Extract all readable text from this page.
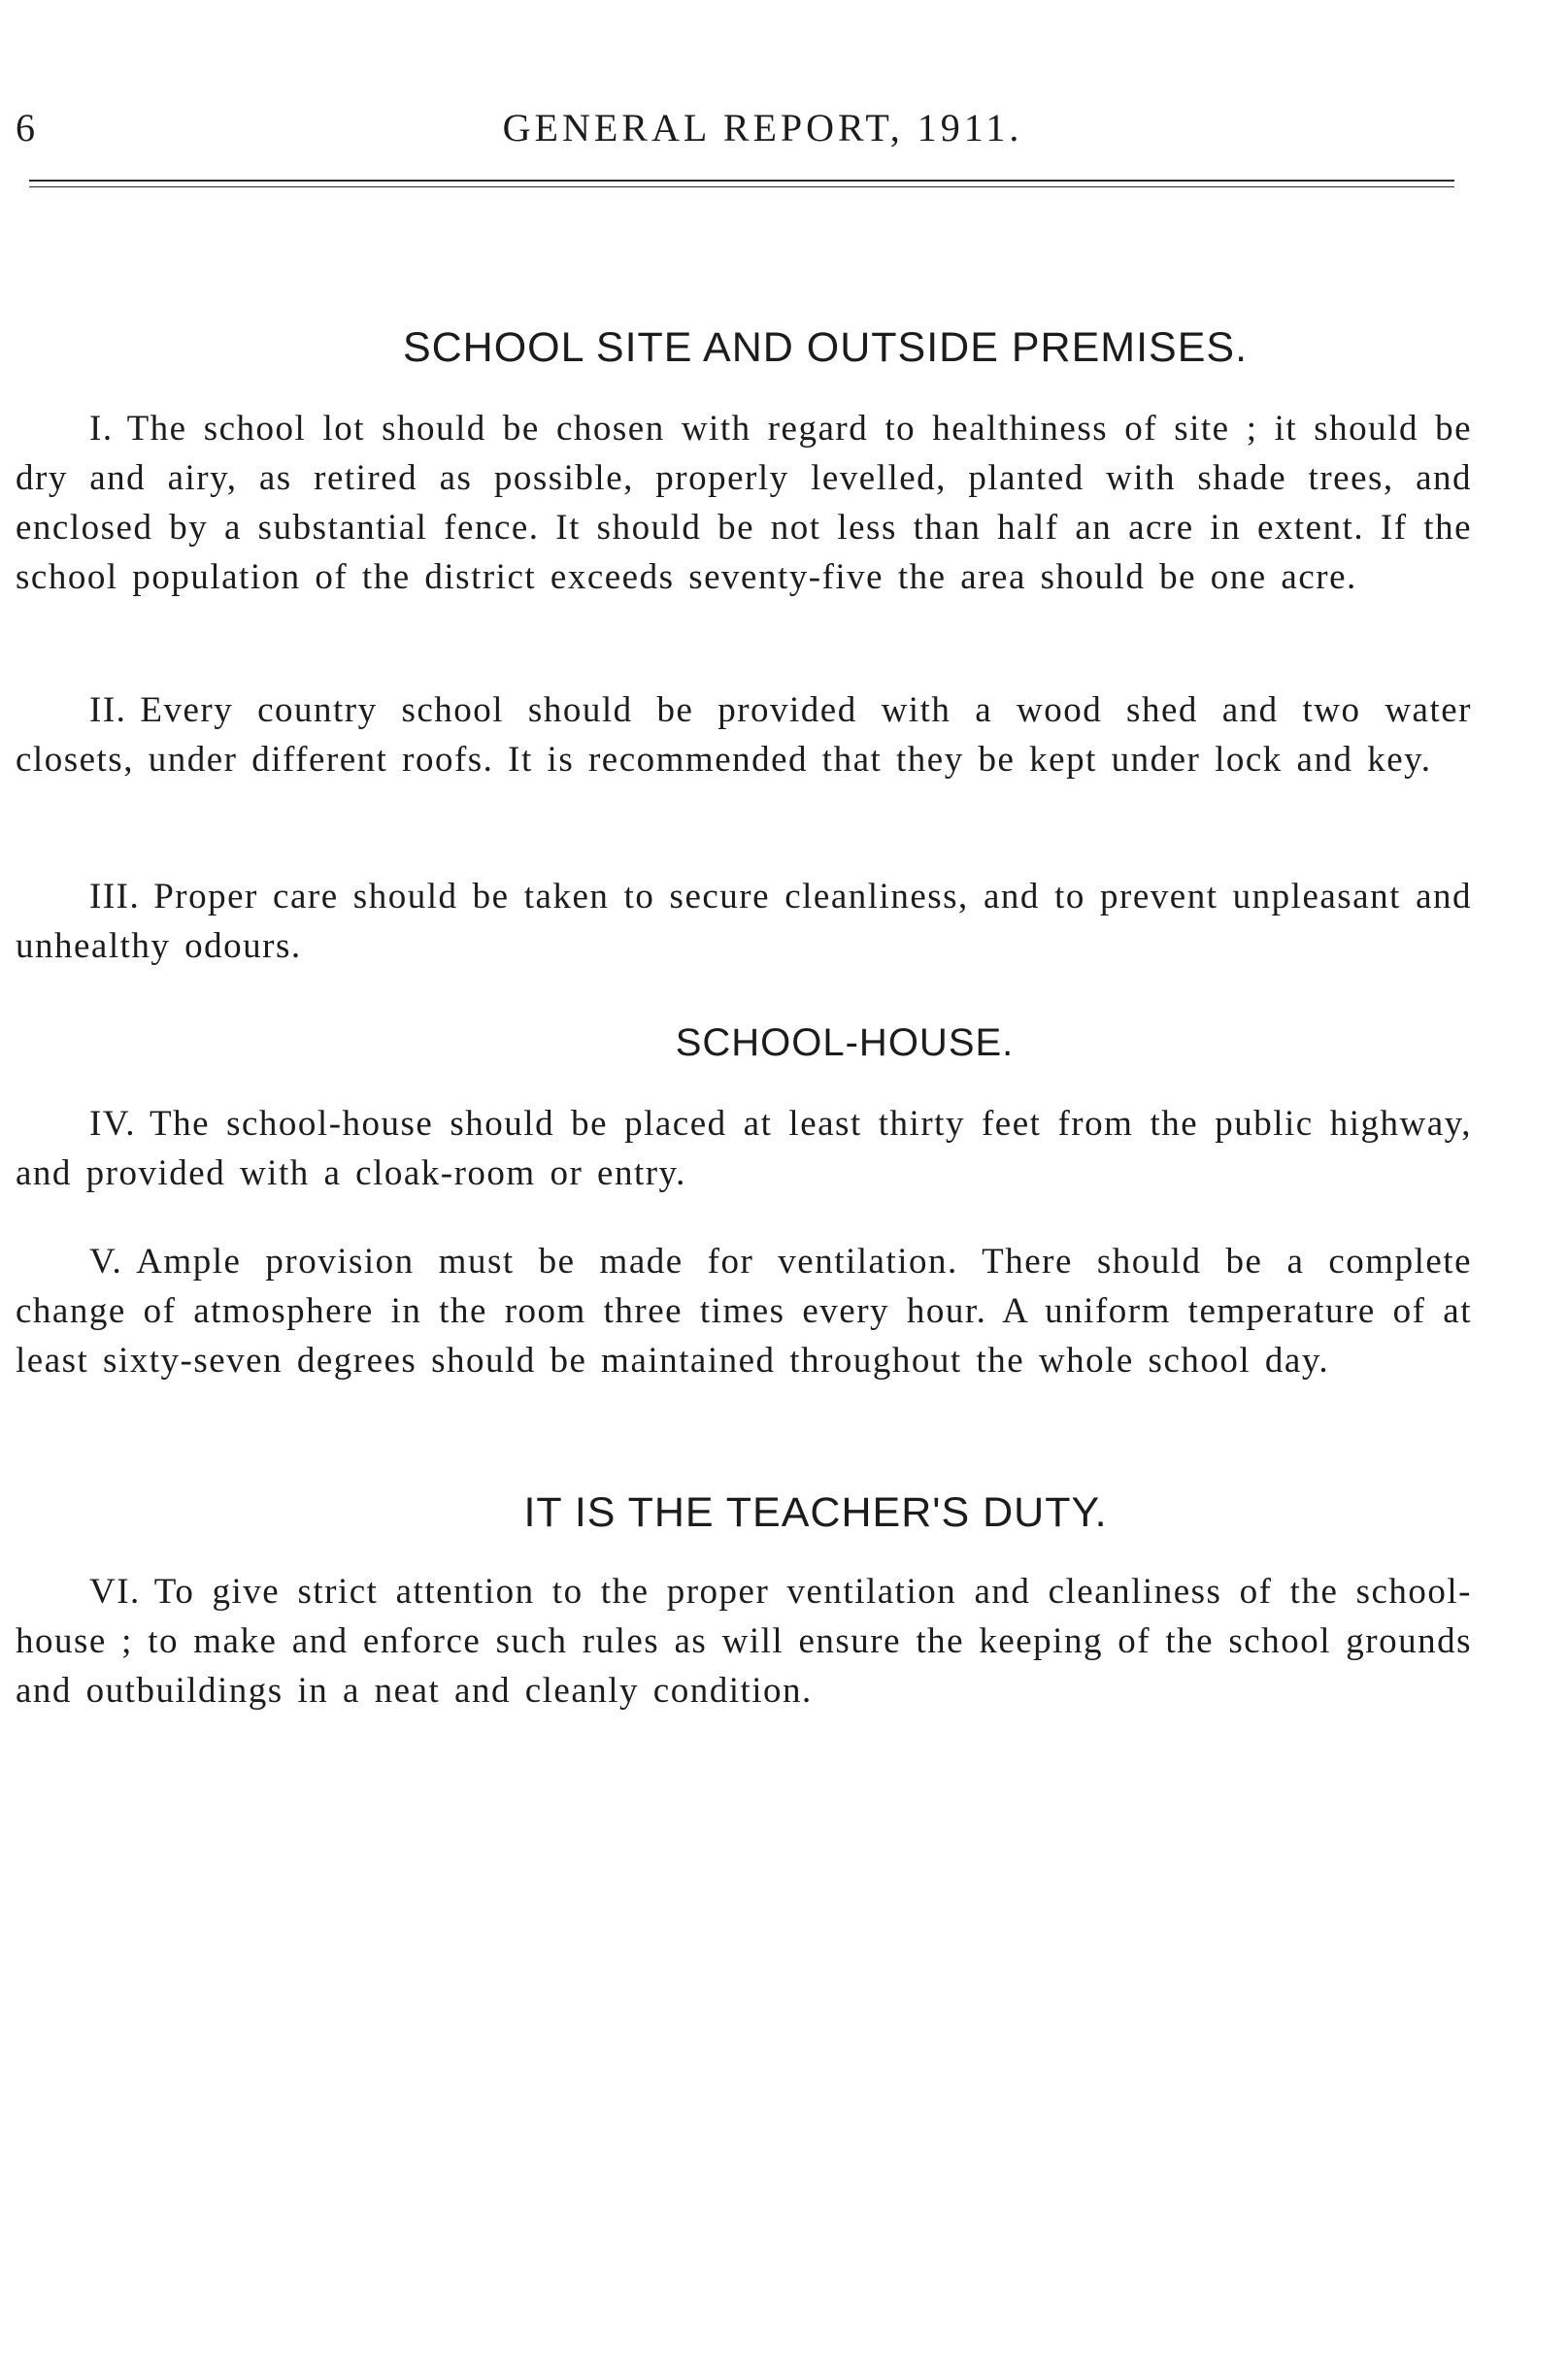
6	GENERAL REPORT, 1911.
SCHOOL SITE AND OUTSIDE PREMISES.

I. The school lot should be chosen with regard to healthiness of site ; it should be dry and airy, as retired as possible, properly levelled, planted with shade trees, and enclosed by a substantial fence. It should be not less than half an acre in extent. If the school population of the district exceeds seventy-five the area should be one acre.

II. Every country school should be provided with a wood shed and two water closets, under different roofs. It is recommended that they be kept under lock and key.

III. Proper care should be taken to secure cleanliness, and to prevent unpleasant and unhealthy odours.

SCHOOL-HOUSE.

IV. The school-house should be placed at least thirty feet from the public highway, and provided with a cloak-room or entry.

V. Ample provision must be made for ventilation. There should be a complete change of atmosphere in the room three times every hour. A uniform temperature of at least sixty-seven degrees should be maintained throughout the whole school day.

IT IS THE TEACHER'S DUTY.

VI. To give strict attention to the proper ventilation and cleanliness of the school-house ; to make and enforce such rules as will ensure the keeping of the school grounds and outbuildings in a neat and cleanly condition.
